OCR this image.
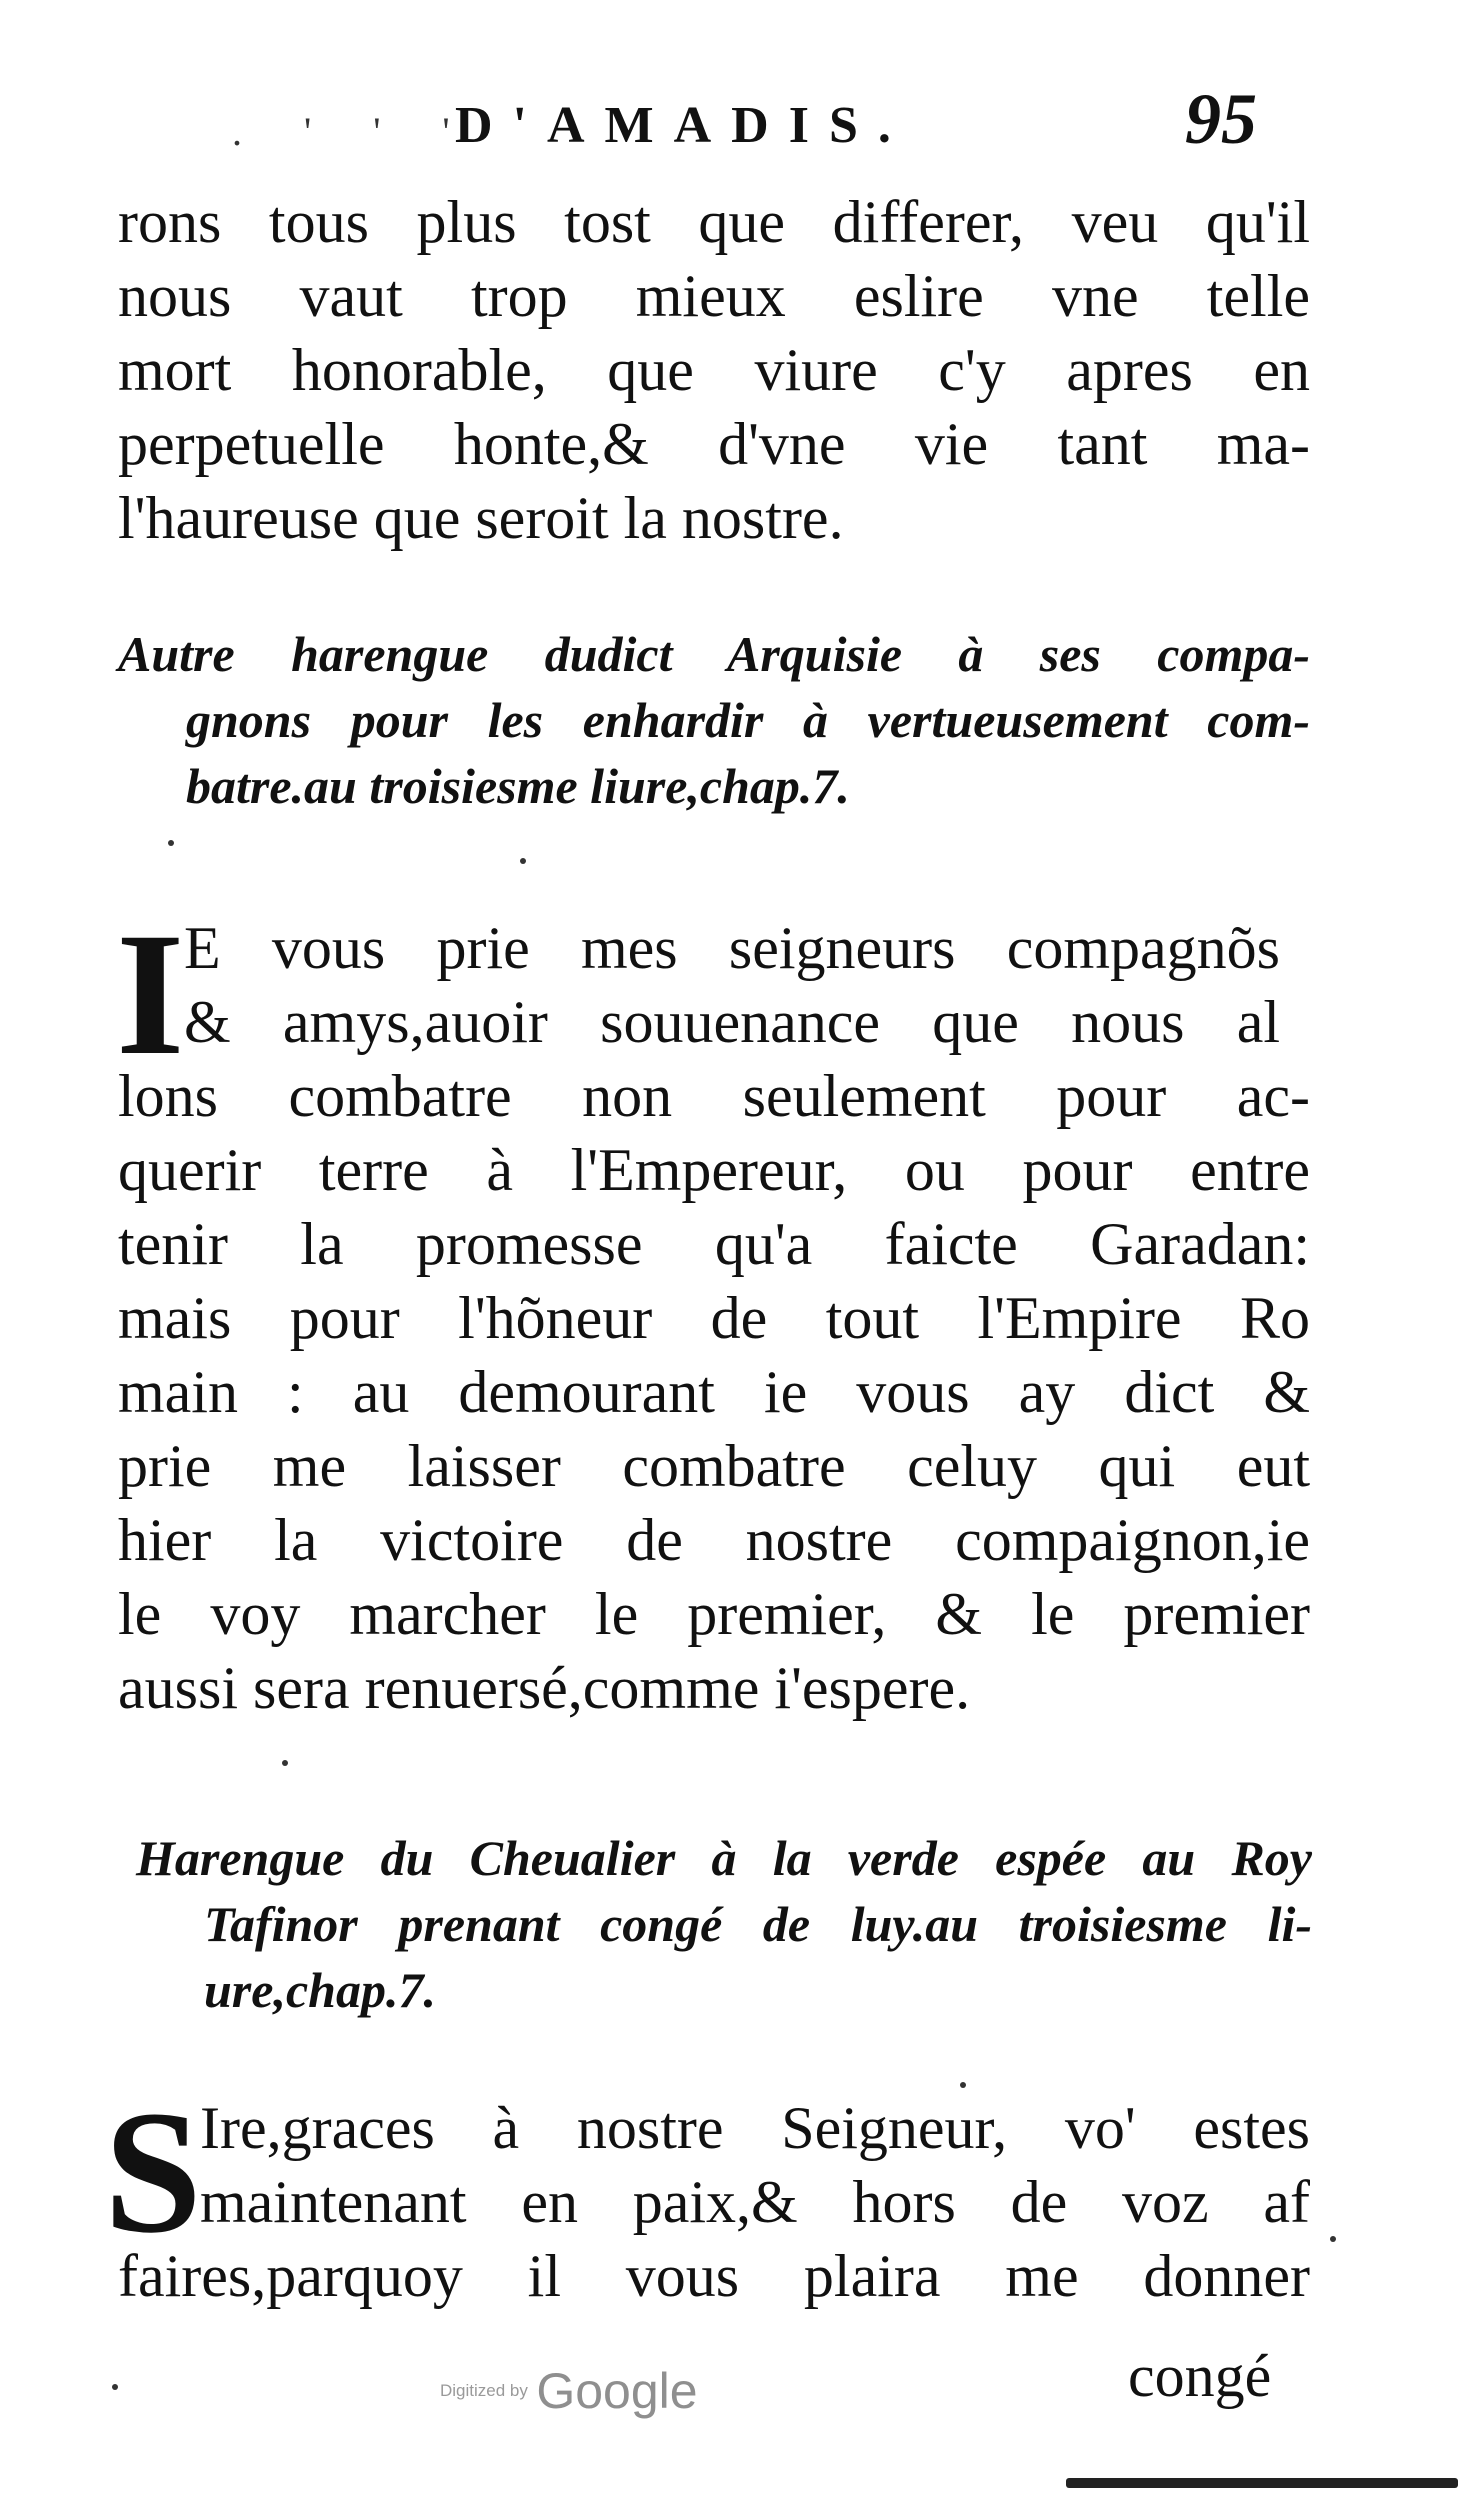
. ' ' '
D'AMADIS.	95
rons tous plus tost que differer, veu qu'il
nous vaut trop mieux eslire vne telle
mort honorable, que viure c'y apres en
perpetuelle honte,& d'vne vie tant ma-
l'haureuse que seroit la nostre.
Autre harengue dudict Arquisie à ses compa-
gnons pour les enhardir à vertueusement com-
batre.au troisiesme liure,chap.7.
I E vous prie mes seigneurs compagnõs
& amys,auoir souuenance que nous al
lons combatre non seulement pour ac-
querir terre à l'Empereur, ou pour entre
tenir la promesse qu'a faicte Garadan:
mais pour l'hõneur de tout l'Empire Ro
main : au demourant ie vous ay dict &
prie me laisser combatre celuy qui eut
hier la victoire de nostre compaignon,ie
le voy marcher le premier, & le premier
aussi sera renuersé,comme i'espere.
Harengue du Cheualier à la verde espée au Roy
Tafinor prenant congé de luy.au troisiesme li-
ure,chap.7.
S
Ire,graces à nostre Seigneur, vo' estes
maintenant en paix,& hors de voz af
faires,parquoy il vous plaira me donner
congé
Digitized by Google
